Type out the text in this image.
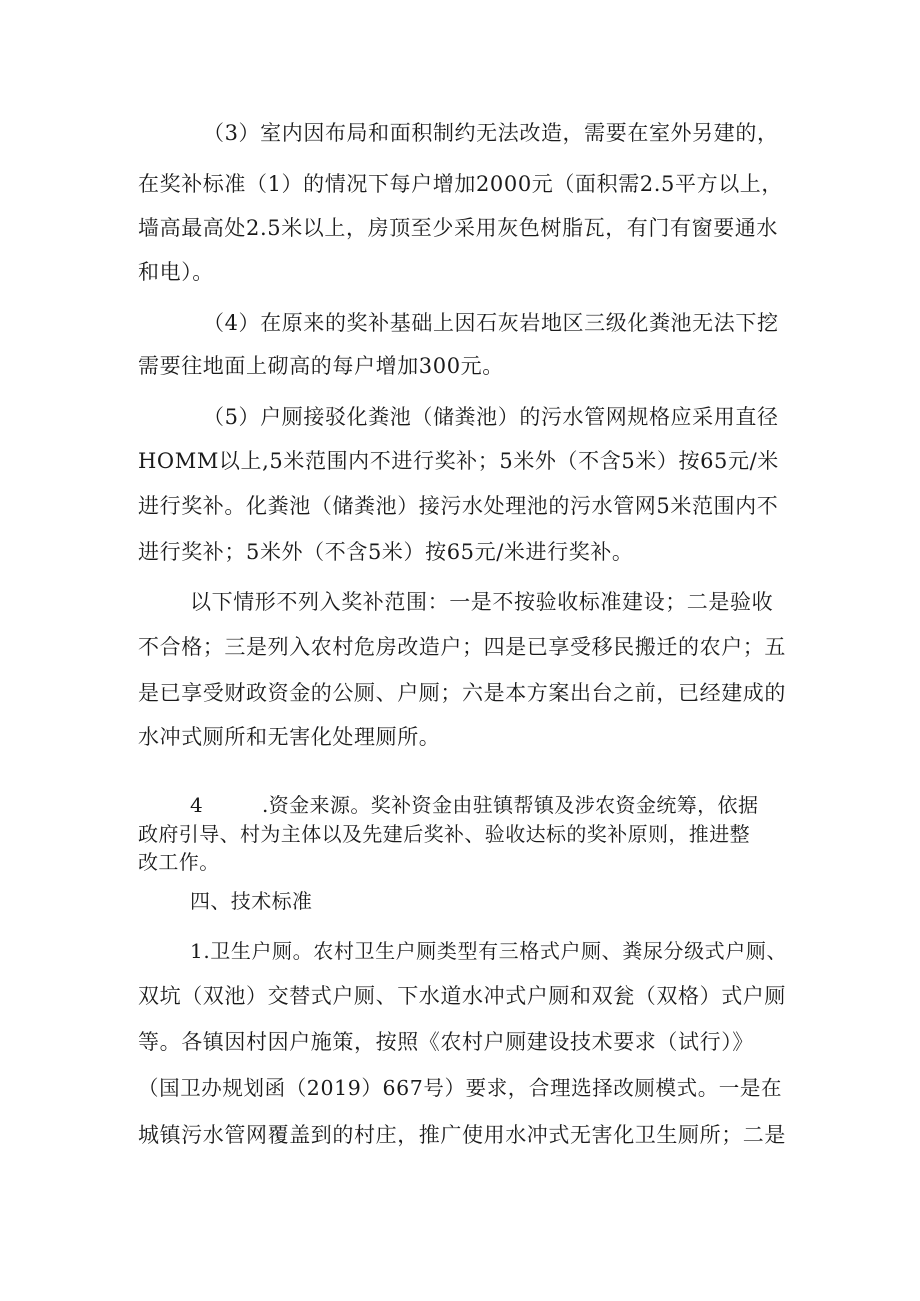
（3）室内因布局和面积制约无法改造，需要在室外另建的，
在奖补标准（1）的情况下每户增加2000元（面积需2.5平方以上，
墙高最高处2.5米以上，房顶至少采用灰色树脂瓦，有门有窗要通水
和电）。
（4）在原来的奖补基础上因石灰岩地区三级化粪池无法下挖
需要往地面上砌高的每户增加300元。
（5）户厕接驳化粪池（储粪池）的污水管网规格应采用直径
HOMM以上,5米范围内不进行奖补；5米外（不含5米）按65元/米
进行奖补。化粪池（储粪池）接污水处理池的污水管网5米范围内不
进行奖补；5米外（不含5米）按65元/米进行奖补。
以下情形不列入奖补范围：一是不按验收标准建设；二是验收
不合格；三是列入农村危房改造户；四是已享受移民搬迁的农户；五
是已享受财政资金的公厕、户厕；六是本方案出台之前，已经建成的
水冲式厕所和无害化处理厕所。
4	.资金来源。奖补资金由驻镇帮镇及涉农资金统筹，依据
政府引导、村为主体以及先建后奖补、验收达标的奖补原则，推进整
改工作。
四、技术标准
1.卫生户厕。农村卫生户厕类型有三格式户厕、粪尿分级式户厕、
双坑（双池）交替式户厕、下水道水冲式户厕和双瓮（双格）式户厕
等。各镇因村因户施策，按照《农村户厕建设技术要求（试行）》
（国卫办规划函（2019）667号）要求，合理选择改厕模式。一是在
城镇污水管网覆盖到的村庄，推广使用水冲式无害化卫生厕所；二是
